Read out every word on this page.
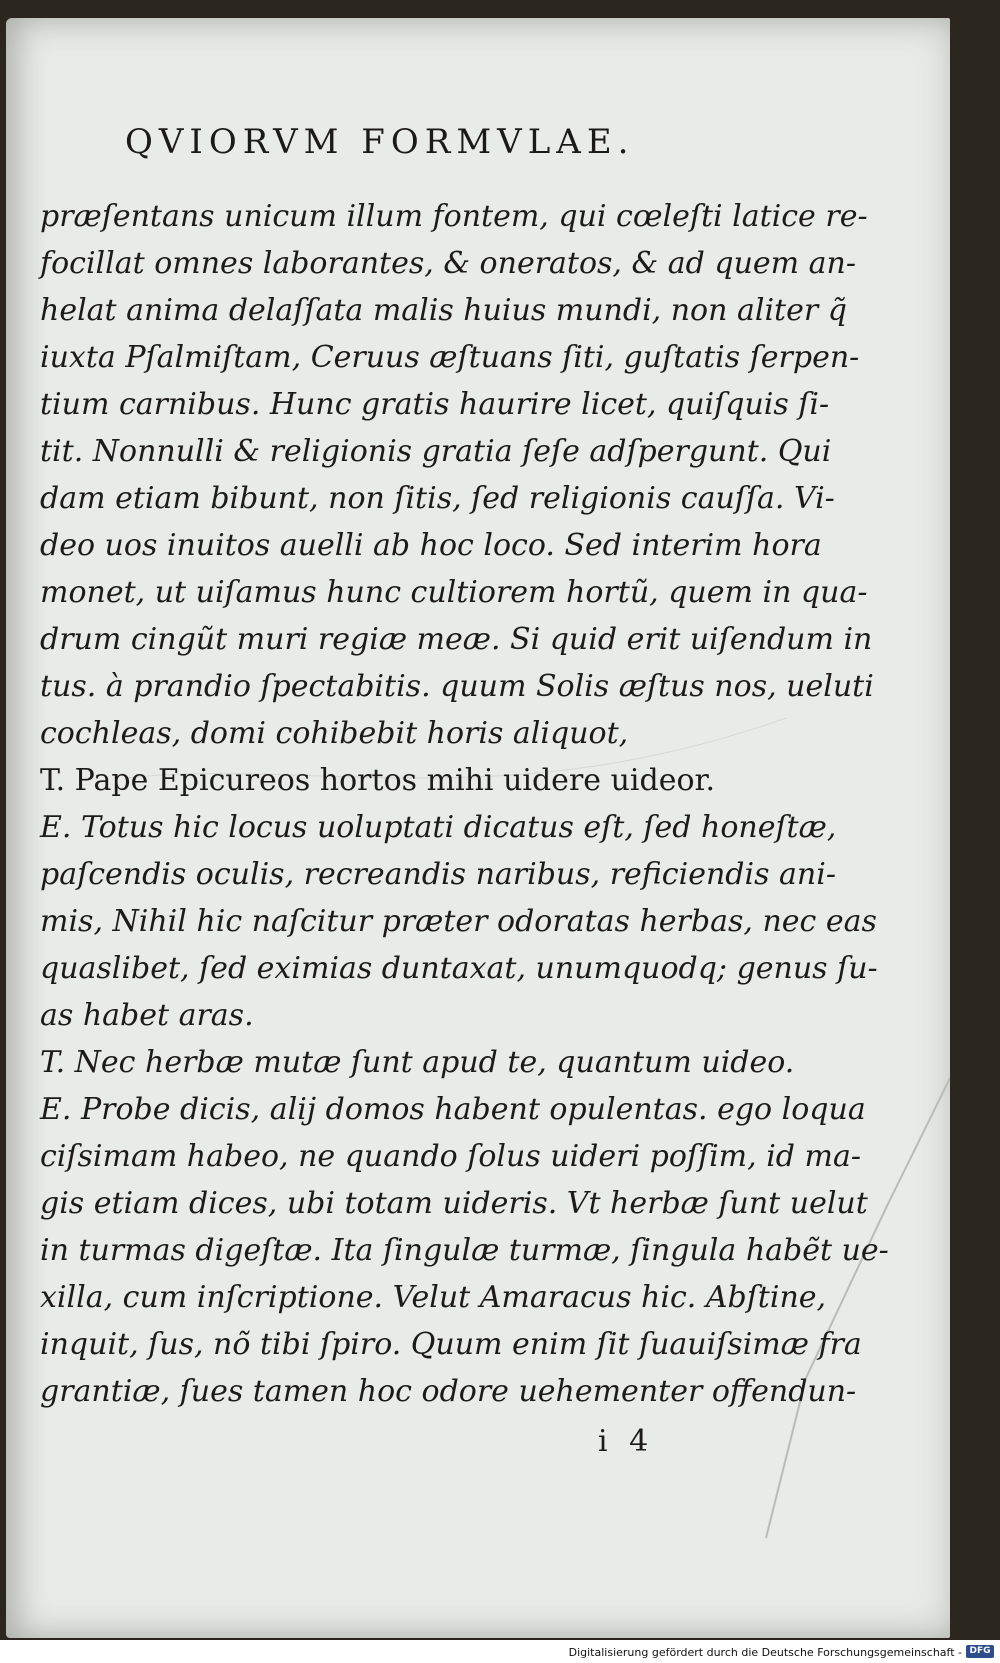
QVIORVM FORMVLAE.
præſentans unicum illum fontem, qui cœleſti latice re-
focillat omnes laborantes, & oneratos, & ad quem an-
helat anima delaſſata malis huius mundi, non aliter q̃
iuxta Pſalmiſtam, Ceruus æſtuans ſiti, guſtatis ſerpen-
tium carnibus. Hunc gratis haurire licet, quiſquis ſi-
tit. Nonnulli & religionis gratia ſeſe adſpergunt. Qui
dam etiam bibunt, non ſitis, ſed religionis cauſſa. Vi-
deo uos inuitos auelli ab hoc loco. Sed interim hora
monet, ut uiſamus hunc cultiorem hortũ, quem in qua-
drum cingũt muri regiæ meæ. Si quid erit uiſendum in
tus. à prandio ſpectabitis. quum Solis æſtus nos, ueluti
cochleas, domi cohibebit horis aliquot,
T. Pape Epicureos hortos mihi uidere uideor.
E. Totus hic locus uoluptati dicatus eſt, ſed honeſtæ,
paſcendis oculis, recreandis naribus, reficiendis ani-
mis, Nihil hic naſcitur præter odoratas herbas, nec eas
quaslibet, ſed eximias duntaxat, unumquodq; genus ſu-
as habet aras.
T. Nec herbæ mutæ ſunt apud te, quantum uideo.
E. Probe dicis, alij domos habent opulentas. ego loqua
ciſsimam habeo, ne quando ſolus uideri poſſim, id ma-
gis etiam dices, ubi totam uideris. Vt herbæ ſunt uelut
in turmas digeſtæ. Ita ſingulæ turmæ, ſingula habẽt ue-
xilla, cum inſcriptione. Velut Amaracus hic. Abſtine,
inquit, ſus, nõ tibi ſpiro. Quum enim ſit ſuauiſsimæ fra
grantiæ, ſues tamen hoc odore uehementer offendun-
i 4
Digitalisierung gefördert durch die Deutsche Forschungsgemeinschaft - DFG
